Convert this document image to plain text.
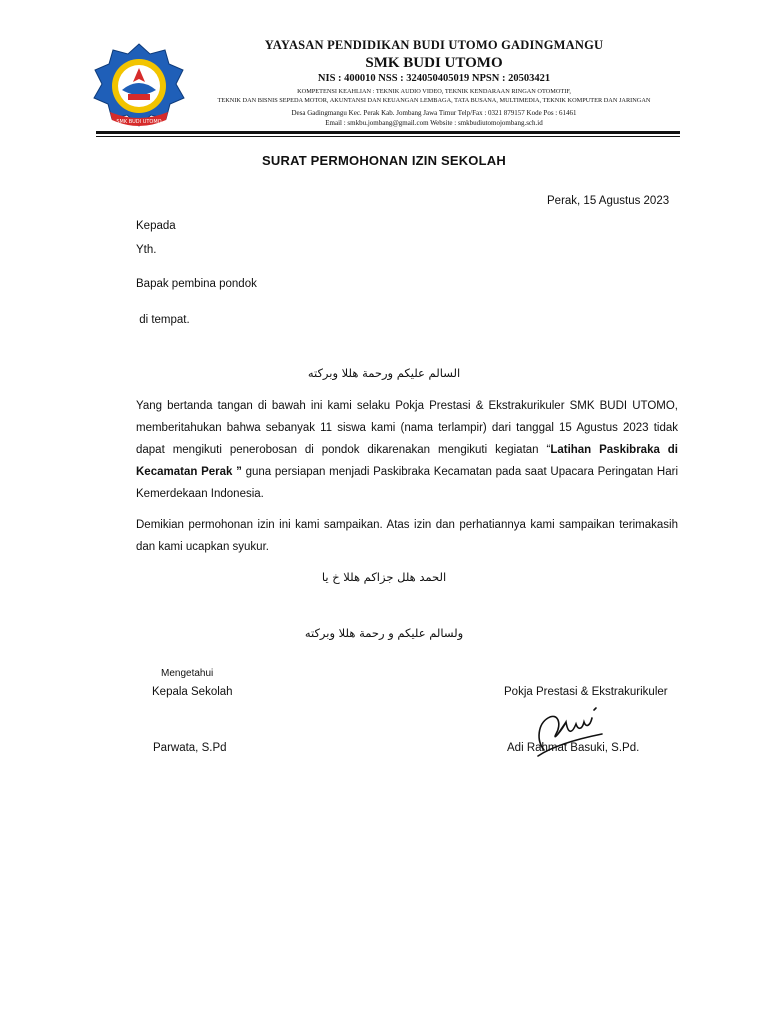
SMK BUDI UTOMO
YAYASAN PENDIDIKAN BUDI UTOMO GADINGMANGU
SMK BUDI UTOMO
NIS : 400010 NSS : 324050405019 NPSN : 20503421
KOMPETENSI KEAHLIAN : TEKNIK AUDIO VIDEO, TEKNIK KENDARAAN RINGAN OTOMOTIF,
TEKNIK DAN BISNIS SEPEDA MOTOR, AKUNTANSI DAN KEUANGAN LEMBAGA, TATA BUSANA, MULTIMEDIA, TEKNIK KOMPUTER DAN JARINGAN
Desa Gadingmangu Kec. Perak Kab. Jombang Jawa Timur Telp/Fax : 0321 879157 Kode Pos : 61461
Email : smkbu.jombang@gmail.com Website : smkbudiutomojombang.sch.id
SURAT PERMOHONAN IZIN SEKOLAH
Perak, 15 Agustus 2023
Kepada
Yth.
Bapak pembina pondok
di tempat.
السالم عليكم ورحمة هللا وبركته

Yang bertanda tangan di bawah ini kami selaku Pokja Prestasi & Ekstrakurikuler SMK BUDI UTOMO, memberitahukan bahwa sebanyak 11 siswa kami (nama terlampir) dari tanggal 15 Agustus 2023 tidak dapat mengikuti penerobosan di pondok dikarenakan mengikuti kegiatan “Latihan Paskibraka di Kecamatan Perak ” guna persiapan menjadi Paskibraka Kecamatan pada saat Upacara Peringatan Hari Kemerdekaan Indonesia.

Demikian permohonan izin ini kami sampaikan. Atas izin dan perhatiannya kami sampaikan terimakasih dan kami ucapkan syukur.

الحمد هلل جزاكم هللا خ يا
ولسالم عليكم و رحمة هللا وبركته
Mengetahui
Kepala Sekolah
Parwata, S.Pd
Pokja Prestasi & Ekstrakurikuler
Adi Rahmat Basuki, S.Pd.
